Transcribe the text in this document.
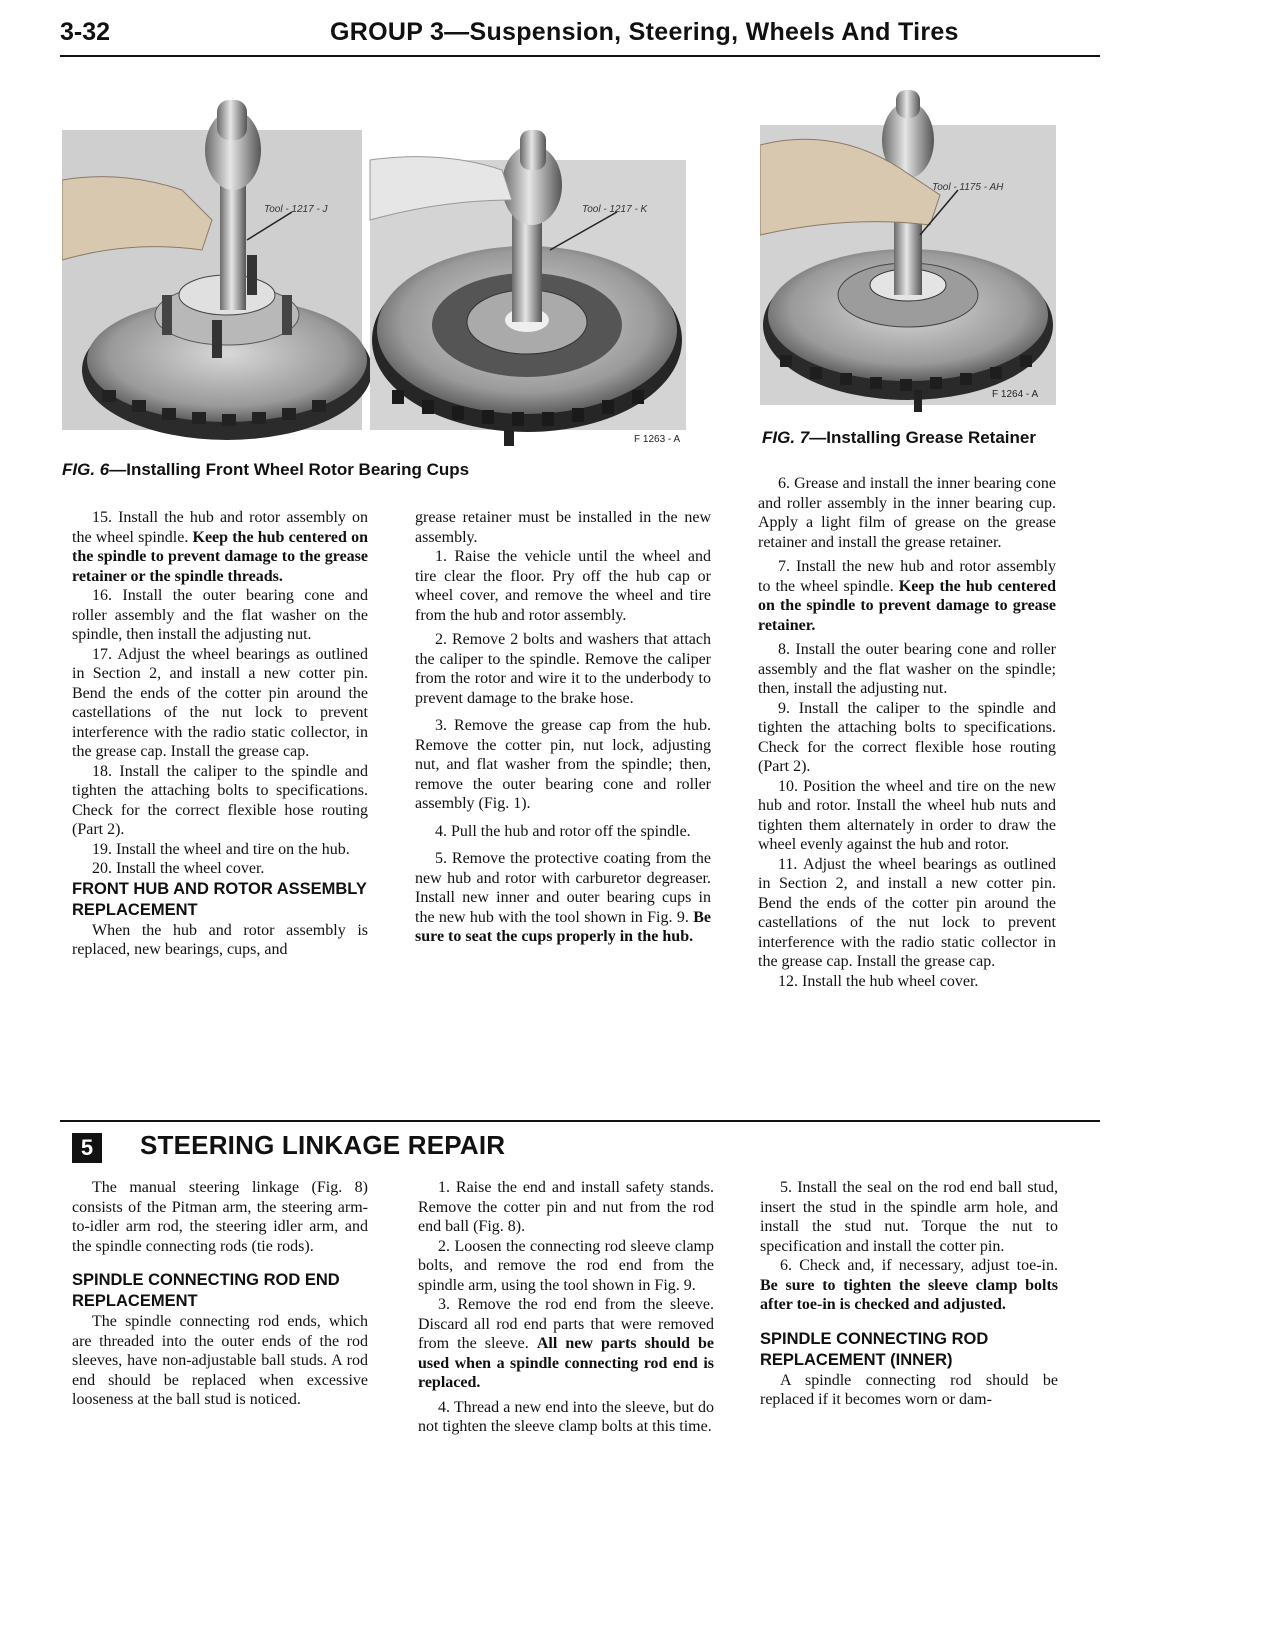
3-32	GROUP 3—Suspension, Steering, Wheels And Tires
Tool - 1217 - J	Tool - 1217 - K
F 1263 - A
FIG. 6—Installing Front Wheel Rotor Bearing Cups
Tool - 1175 - AH
F 1264 - A
FIG. 7—Installing Grease Retainer

15. Install the hub and rotor assembly on the wheel spindle. Keep the hub centered on the spindle to prevent damage to the grease retainer or the spindle threads.

16. Install the outer bearing cone and roller assembly and the flat washer on the spindle, then install the adjusting nut.

17. Adjust the wheel bearings as outlined in Section 2, and install a new cotter pin. Bend the ends of the cotter pin around the castellations of the nut lock to prevent interference with the radio static collector, in the grease cap. Install the grease cap.

18. Install the caliper to the spindle and tighten the attaching bolts to specifications. Check for the correct flexible hose routing (Part 2).

19. Install the wheel and tire on the hub.

20. Install the wheel cover.

FRONT HUB AND ROTOR ASSEMBLY REPLACEMENT

When the hub and rotor assembly is replaced, new bearings, cups, and

grease retainer must be installed in the new assembly.

1. Raise the vehicle until the wheel and tire clear the floor. Pry off the hub cap or wheel cover, and remove the wheel and tire from the hub and rotor assembly.

2. Remove 2 bolts and washers that attach the caliper to the spindle. Remove the caliper from the rotor and wire it to the underbody to prevent damage to the brake hose.

3. Remove the grease cap from the hub. Remove the cotter pin, nut lock, adjusting nut, and flat washer from the spindle; then, remove the outer bearing cone and roller assembly (Fig. 1).

4. Pull the hub and rotor off the spindle.

5. Remove the protective coating from the new hub and rotor with carburetor degreaser. Install new inner and outer bearing cups in the new hub with the tool shown in Fig. 9. Be sure to seat the cups properly in the hub.

6. Grease and install the inner bearing cone and roller assembly in the inner bearing cup. Apply a light film of grease on the grease retainer and install the grease retainer.

7. Install the new hub and rotor assembly to the wheel spindle. Keep the hub centered on the spindle to prevent damage to grease retainer.

8. Install the outer bearing cone and roller assembly and the flat washer on the spindle; then, install the adjusting nut.

9. Install the caliper to the spindle and tighten the attaching bolts to specifications. Check for the correct flexible hose routing (Part 2).

10. Position the wheel and tire on the new hub and rotor. Install the wheel hub nuts and tighten them alternately in order to draw the wheel evenly against the hub and rotor.

11. Adjust the wheel bearings as outlined in Section 2, and install a new cotter pin. Bend the ends of the cotter pin around the castellations of the nut lock to prevent interference with the radio static collector in the grease cap. Install the grease cap.

12. Install the hub wheel cover.

5	STEERING LINKAGE REPAIR

The manual steering linkage (Fig. 8) consists of the Pitman arm, the steering arm-to-idler arm rod, the steering idler arm, and the spindle connecting rods (tie rods).

SPINDLE CONNECTING ROD END REPLACEMENT

The spindle connecting rod ends, which are threaded into the outer ends of the rod sleeves, have non-adjustable ball studs. A rod end should be replaced when excessive looseness at the ball stud is noticed.

1. Raise the end and install safety stands. Remove the cotter pin and nut from the rod end ball (Fig. 8).

2. Loosen the connecting rod sleeve clamp bolts, and remove the rod end from the spindle arm, using the tool shown in Fig. 9.

3. Remove the rod end from the sleeve. Discard all rod end parts that were removed from the sleeve. All new parts should be used when a spindle connecting rod end is replaced.

4. Thread a new end into the sleeve, but do not tighten the sleeve clamp bolts at this time.

5. Install the seal on the rod end ball stud, insert the stud in the spindle arm hole, and install the stud nut. Torque the nut to specification and install the cotter pin.

6. Check and, if necessary, adjust toe-in. Be sure to tighten the sleeve clamp bolts after toe-in is checked and adjusted.

SPINDLE CONNECTING ROD REPLACEMENT (INNER)

A spindle connecting rod should be replaced if it becomes worn or dam-
